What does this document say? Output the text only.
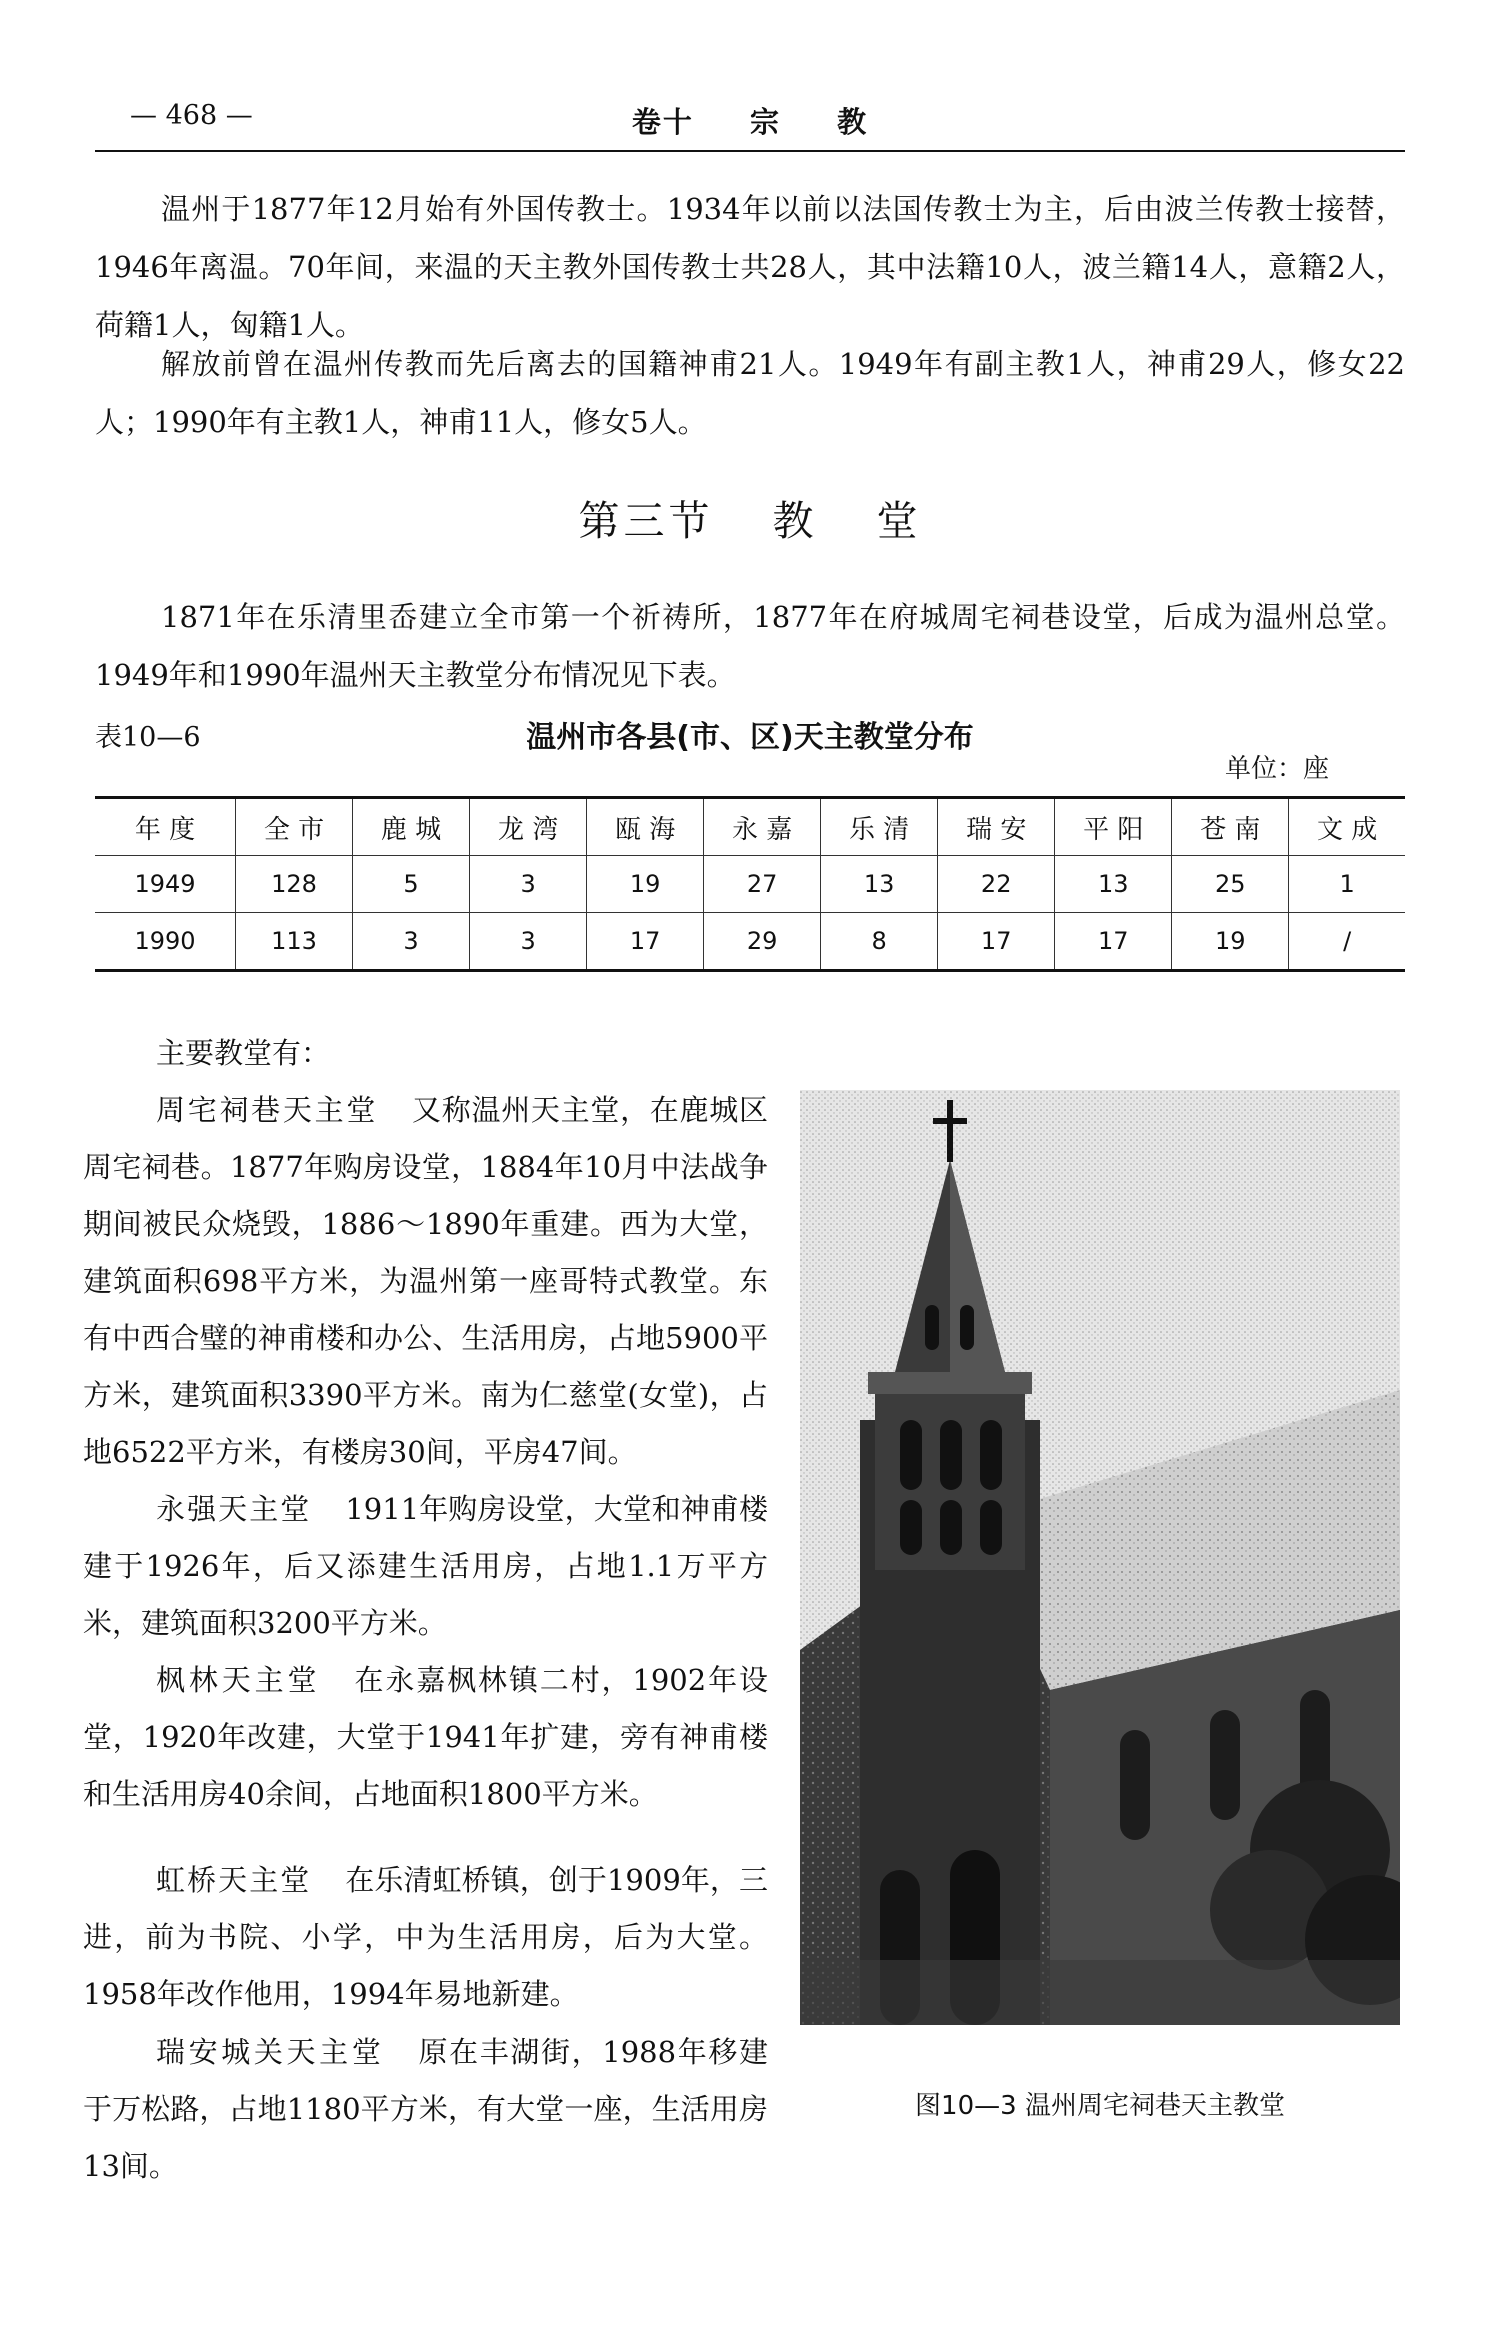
— 468 —	卷十 宗 教

温州于1877年12月始有外国传教士。1934年以前以法国传教士为主，后由波兰传教士接替，1946年离温。70年间，来温的天主教外国传教士共28人，其中法籍10人，波兰籍14人，意籍2人，荷籍1人，匈籍1人。

解放前曾在温州传教而先后离去的国籍神甫21人。1949年有副主教1人，神甫29人，修女22人；1990年有主教1人，神甫11人，修女5人。

第三节 教 堂

1871年在乐清里岙建立全市第一个祈祷所，1877年在府城周宅祠巷设堂，后成为温州总堂。1949年和1990年温州天主教堂分布情况见下表。

表10—6	温州市各县(市、区)天主教堂分布
单位：座
年 度	全 市	鹿 城	龙 湾	瓯 海	永 嘉	乐 清	瑞 安	平 阳	苍 南	文 成
1949	128	5	3	19	27	13	22	13	25	1
1990	113	3	3	17	29	8	17	17	19	/

主要教堂有：

周宅祠巷天主堂 又称温州天主堂，在鹿城区周宅祠巷。1877年购房设堂，1884年10月中法战争期间被民众烧毁，1886～1890年重建。西为大堂，建筑面积698平方米，为温州第一座哥特式教堂。东有中西合璧的神甫楼和办公、生活用房，占地5900平方米，建筑面积3390平方米。南为仁慈堂(女堂)，占地6522平方米，有楼房30间，平房47间。

永强天主堂 1911年购房设堂，大堂和神甫楼建于1926年，后又添建生活用房，占地1.1万平方米，建筑面积3200平方米。

枫林天主堂 在永嘉枫林镇二村，1902年设堂，1920年改建，大堂于1941年扩建，旁有神甫楼和生活用房40余间，占地面积1800平方米。

虹桥天主堂 在乐清虹桥镇，创于1909年，三进，前为书院、小学，中为生活用房，后为大堂。1958年改作他用，1994年易地新建。

瑞安城关天主堂 原在丰湖街，1988年移建于万松路，占地1180平方米，有大堂一座，生活用房13间。

图10—3 温州周宅祠巷天主教堂
